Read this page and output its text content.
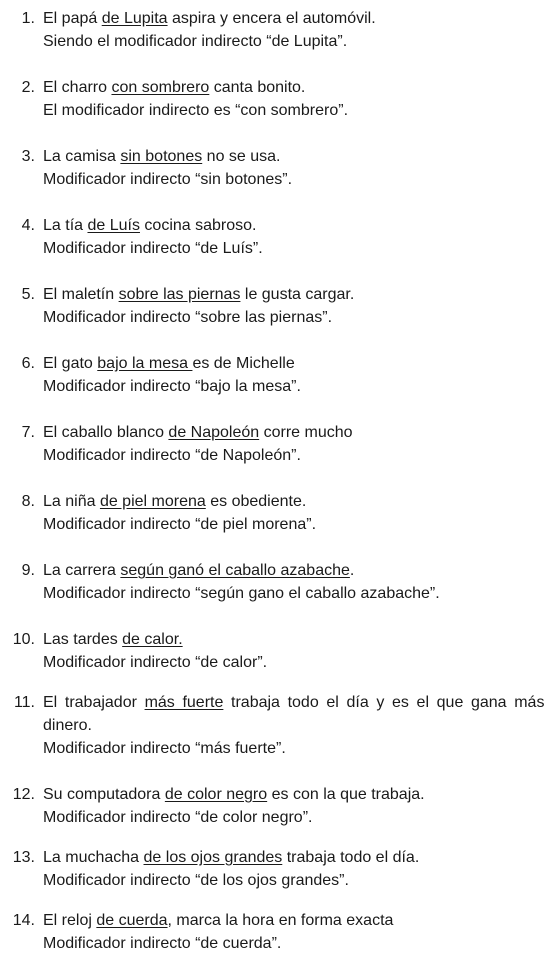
1. El papá de Lupita aspira y encera el automóvil.
Siendo el modificador indirecto “de Lupita”.
2. El charro con sombrero canta bonito.
El modificador indirecto es “con sombrero”.
3. La camisa sin botones no se usa.
Modificador indirecto “sin botones”.
4. La tía de Luís cocina sabroso.
Modificador indirecto “de Luís”.
5. El maletín sobre las piernas le gusta cargar.
Modificador indirecto “sobre las piernas”.
6. El gato bajo la mesa es de Michelle
Modificador indirecto “bajo la mesa”.
7. El caballo blanco de Napoleón corre mucho
Modificador indirecto “de Napoleón”.
8. La niña de piel morena es obediente.
Modificador indirecto “de piel morena”.
9. La carrera según ganó el caballo azabache.
Modificador indirecto “según gano el caballo azabache”.
10. Las tardes de calor.
Modificador indirecto “de calor”.
11. El trabajador más fuerte trabaja todo el día y es el que gana más
dinero.
Modificador indirecto “más fuerte”.
12. Su computadora de color negro es con la que trabaja.
Modificador indirecto “de color negro”.
13. La muchacha de los ojos grandes trabaja todo el día.
Modificador indirecto “de los ojos grandes”.
14. El reloj de cuerda, marca la hora en forma exacta
Modificador indirecto “de cuerda”.
